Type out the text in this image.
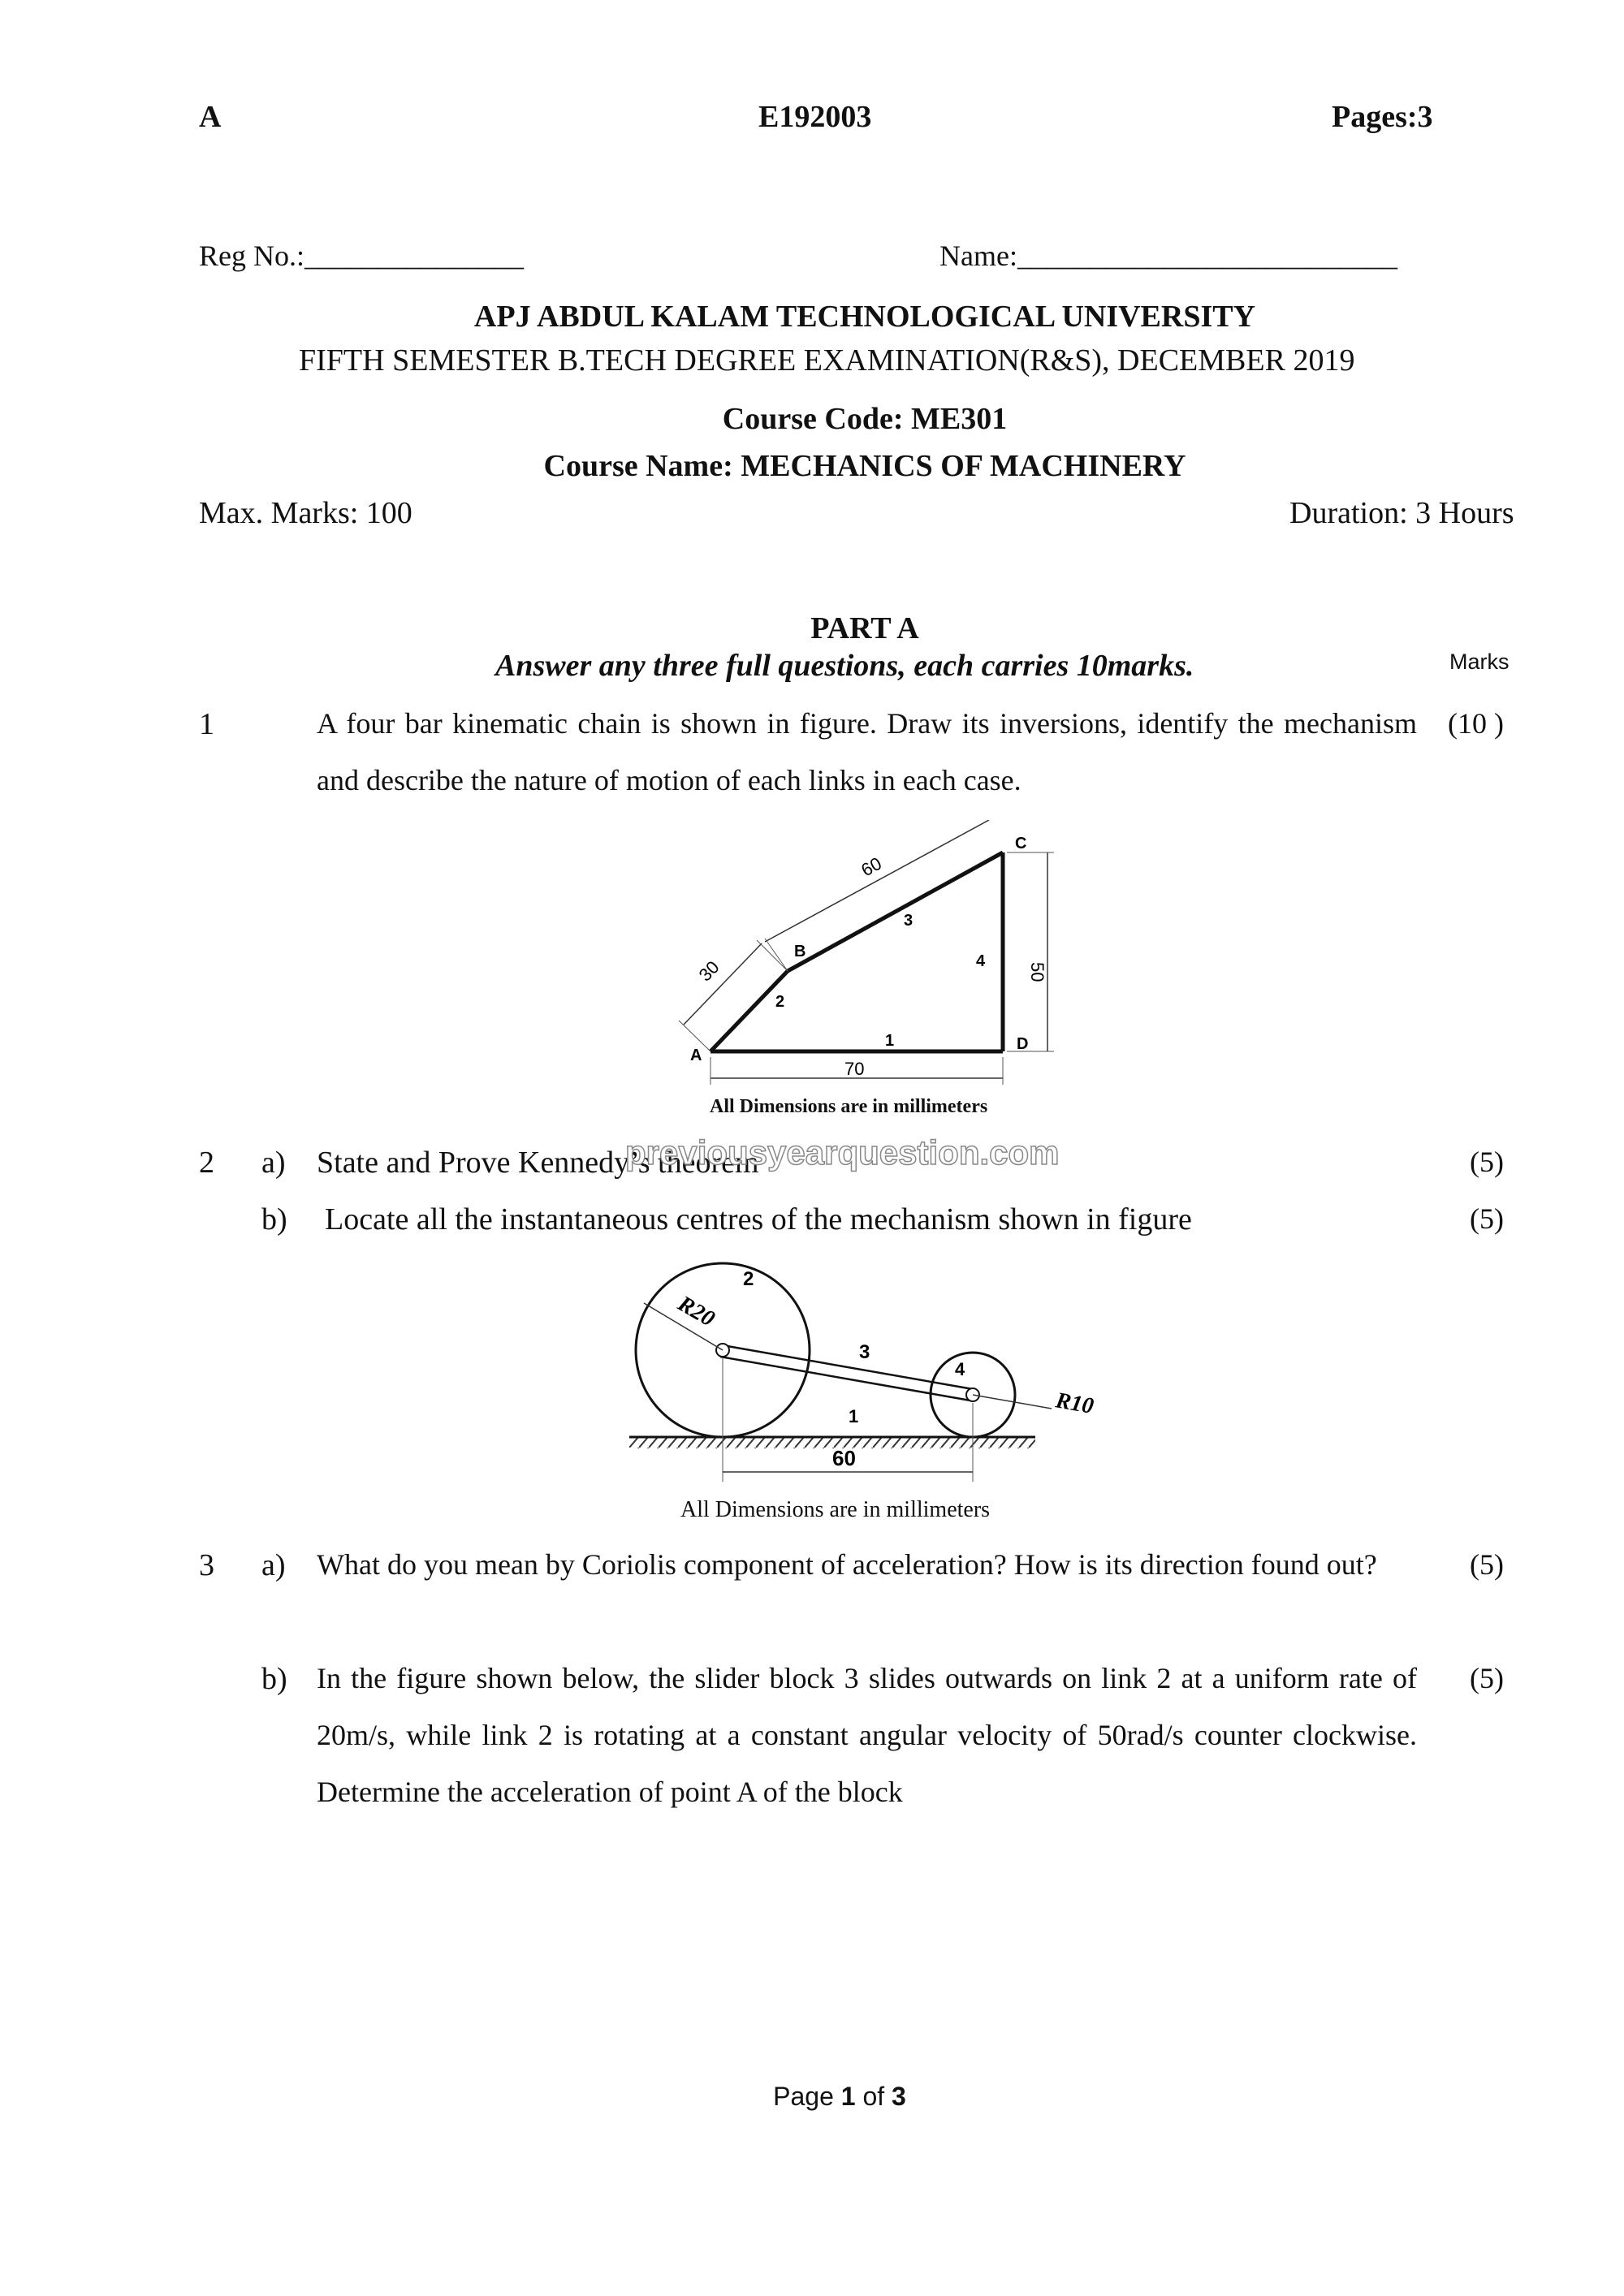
A	E192003	Pages:3
Reg No.:_______________	Name:__________________________
APJ ABDUL KALAM TECHNOLOGICAL UNIVERSITY
FIFTH SEMESTER B.TECH DEGREE EXAMINATION(R&S), DECEMBER 2019
Course Code: ME301
Course Name: MECHANICS OF MACHINERY
Max. Marks: 100	Duration: 3 Hours
PART A
Answer any three full questions, each carries 10marks.	Marks
1	A four bar kinematic chain is shown in figure. Draw its inversions, identify the mechanism and describe the nature of motion of each links in each case.
(10 )
A
B
C
D
1
2
3
4
30
60
70
50
All Dimensions are in millimeters
2 a) State and Prove Kennedy’s theorem
previousyearquestion.com	(5)
b) Locate all the instantaneous centres of the mechanism shown in figure	(5)
2
3
4
1
R20
R10
60
All Dimensions are in millimeters
3 a) What do you mean by Coriolis component of acceleration? How is its direction found out?	(5)
b) In the figure shown below, the slider block 3 slides outwards on link 2 at a uniform rate of 20m/s, while link 2 is rotating at a constant angular velocity of 50rad/s counter clockwise. Determine the acceleration of point A of the block
(5)
Page 1 of 3
